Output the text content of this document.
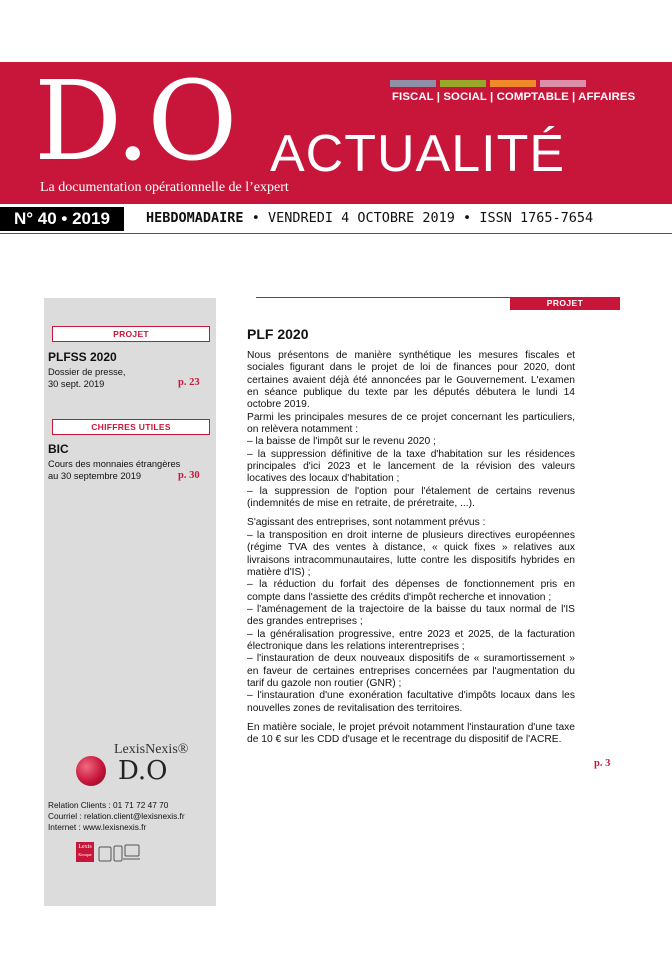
FISCAL | SOCIAL | COMPTABLE | AFFAIRES
D.O ACTUALITÉ
La documentation opérationnelle de l’expert
N° 40 • 2019	HEBDOMADAIRE • VENDREDI 4 OCTOBRE 2019 • ISSN 1765-7654
PROJET
PLFSS 2020
Dossier de presse,
30 sept. 2019	p. 23
CHIFFRES UTILES
BIC
Cours des monnaies étrangères
au 30 septembre 2019	p. 30
LexisNexis®
D.O
Relation Clients : 01 71 72 47 70
Courriel : relation.client@lexisnexis.fr
Internet : www.lexisnexis.fr
Lexis
Kiosque
PROJET
PLF 2020

Nous présentons de manière synthétique les mesures fiscales et sociales figurant dans le projet de loi de finances pour 2020, dont certaines avaient déjà été annoncées par le Gouvernement. L'examen en séance publique du texte par les députés débutera le lundi 14 octobre 2019.

Parmi les principales mesures de ce projet concernant les particuliers, on relèvera notamment :

– la baisse de l'impôt sur le revenu 2020 ;

– la suppression définitive de la taxe d'habitation sur les résidences principales d'ici 2023 et le lancement de la révision des valeurs locatives des locaux d'habitation ;

– la suppression de l'option pour l'étalement de certains revenus (indemnités de mise en retraite, de préretraite, ...).

S'agissant des entreprises, sont notamment prévus :

– la transposition en droit interne de plusieurs directives européennes (régime TVA des ventes à distance, « quick fixes » relatives aux livraisons intracommunautaires, lutte contre les dispositifs hybrides en matière d'IS) ;

– la réduction du forfait des dépenses de fonctionnement pris en compte dans l'assiette des crédits d'impôt recherche et innovation ;

– l'aménagement de la trajectoire de la baisse du taux normal de l'IS des grandes entreprises ;

– la généralisation progressive, entre 2023 et 2025, de la facturation électronique dans les relations interentreprises ;

– l'instauration de deux nouveaux dispositifs de « suramortissement » en faveur de certaines entreprises concernées par l'augmentation du tarif du gazole non routier (GNR) ;

– l'instauration d'une exonération facultative d'impôts locaux dans les nouvelles zones de revitalisation des territoires.

En matière sociale, le projet prévoit notamment l'instauration d'une taxe de 10 € sur les CDD d'usage et le recentrage du dispositif de l'ACRE.

p. 3
